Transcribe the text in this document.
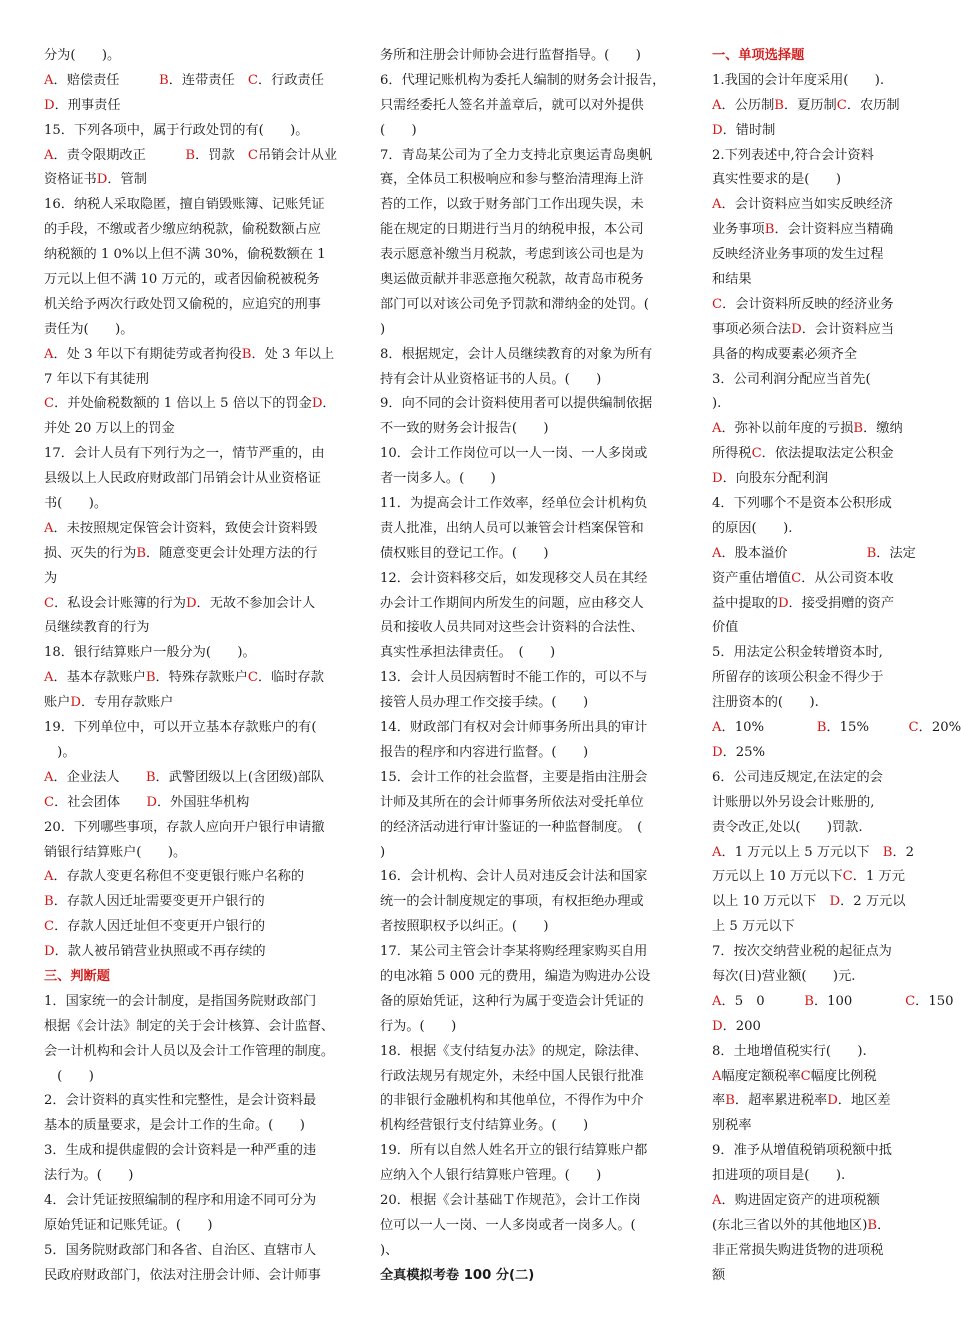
分为(　　)。
A．赔偿责任　　　B．连带责任　C．行政责任
D．刑事责任
15．下列各项中，属于行政处罚的有(　　)。
A．责令限期改正　　　B．罚款　C吊销会计从业
资格证书D．管制
16．纳税人采取隐匿，擅自销毁账簿、记账凭证
的手段，不缴或者少缴应纳税款，偷税数额占应
纳税额的 1 0%以上但不满 30%，偷税数额在 1
万元以上但不满 10 万元的，或者因偷税被税务
机关给予两次行政处罚又偷税的，应追究的刑事
责任为(　　)。
A．处 3 年以下有期徒劳或者拘役B．处 3 年以上
7 年以下有其徒刑
C．并处偷税数额的 1 倍以上 5 倍以下的罚金D．
并处 20 万以上的罚金
17．会计人员有下列行为之一，情节严重的，由
县级以上人民政府财政部门吊销会计从业资格证
书(　　)。
A．未按照规定保管会计资料，致使会计资料毁
损、灭失的行为B．随意变更会计处理方法的行
为
C．私设会计账簿的行为D．无故不参加会计人
员继续教育的行为
18．银行结算账户一般分为(　　)。
A．基本存款账户B．特殊存款账户C．临时存款
账户D．专用存款账户
19．下列单位中，可以开立基本存款账户的有(
　)。
A．企业法人　　B．武警团级以上(含团级)部队
C．社会团体　　D．外国驻华机构
20．下列哪些事项，存款人应向开户银行申请撤
销银行结算账户(　　)。
A．存款人变更名称但不变更银行账户名称的
B．存款人因迁址需要变更开户银行的
C．存款人因迁址但不变更开户银行的
D．款人被吊销营业执照或不再存续的
三、判断题
1．国家统一的会计制度，是指国务院财政部门
根据《会计法》制定的关于会计核算、会计监督、
会一计机构和会计人员以及会计工作管理的制度。
　(　　)
2．会计资料的真实性和完整性，是会计资料最
基本的质量要求，是会计工作的生命。(　　)
3．生成和提供虚假的会计资料是一种严重的违
法行为。(　　)
4．会计凭证按照编制的程序和用途不同可分为
原始凭证和记账凭证。(　　)
5．国务院财政部门和各省、自治区、直辖市人
民政府财政部门，依法对注册会计师、会计师事
务所和注册会计师协会进行监督指导。(　　)
6．代理记账机构为委托人编制的财务会计报告，
只需经委托人签名并盖章后，就可以对外提供
(　　)
7．青岛某公司为了全力支持北京奥运青岛奥帆
赛，全体员工积极响应和参与整治清理海上浒
苔的工作，以致于财务部门工作出现失误，未
能在规定的日期进行当月的纳税申报，本公司
表示愿意补缴当月税款，考虑到该公司也是为
奥运做贡献并非恶意拖欠税款，故青岛市税务
部门可以对该公司免予罚款和滞纳金的处罚。(
)
8．根据规定，会计人员继续教育的对象为所有
持有会计从业资格证书的人员。(　　)
9．向不同的会计资料使用者可以提供编制依据
不一致的财务会计报告(　　)
10．会计工作岗位可以一人一岗、一人多岗或
者一岗多人。(　　)
11．为提高会计工作效率，经单位会计机构负
责人批准，出纳人员可以兼管会计档案保管和
债权账目的登记工作。(　　)
12．会计资料移交后，如发现移交人员在其经
办会计工作期间内所发生的问题，应由移交人
员和接收人员共同对这些会计资料的合法性、
真实性承担法律责任。　(　　)
13．会计人员因病暂时不能工作的，可以不与
接管人员办理工作交接手续。(　　)
14．财政部门有权对会计师事务所出具的审计
报告的程序和内容进行监督。(　　)
15．会计工作的社会监督，主要是指由注册会
计师及其所在的会计师事务所依法对受托单位
的经济活动进行审计鉴证的一种监督制度。　(
)
16．会计机构、会计人员对违反会计法和国家
统一的会计制度规定的事项，有权拒绝办理或
者按照职权予以纠正。(　　)
17．某公司主管会计李某将购经理家购买自用
的电冰箱 5 000 元的费用，编造为购进办公设
备的原始凭证，这种行为属于变造会计凭证的
行为。(　　)
18．根据《支付结复办法》的规定，除法律、
行政法规另有规定外，未经中国人民银行批准
的非银行金融机构和其他单位，不得作为中介
机构经营银行支付结算业务。(　　)
19．所有以自然人姓名开立的银行结算账户都
应纳入个人银行结算账户管理。(　　)
20．根据《会计基础Ｔ作规范》，会计工作岗
位可以一人一岗、一人多岗或者一岗多人。(
)、
全真模拟考卷 100 分(二)
一、单项选择题
1.我国的会计年度采用(　　).
A．公历制B．夏历制C．农历制
D．错时制
2.下列表述中,符合会计资料
真实性要求的是(　　)
A．会计资料应当如实反映经济
业务事项B．会计资料应当精确
反映经济业务事项的发生过程
和结果
C．会计资料所反映的经济业务
事项必须合法D．会计资料应当
具备的构成要素必须齐全
3．公司利润分配应当首先(
).
A．弥补以前年度的亏损B．缴纳
所得税C．依法提取法定公积金
D．向股东分配利润
4．下列哪个不是资本公积形成
的原因(　　).
A．股本溢价　　　　　　B．法定
资产重估增值C．从公司资本收
益中提取的D．接受捐赠的资产
价值
5．用法定公积金转增资本时,
所留存的该项公积金不得少于
注册资本的(　　).
A．10%　　　　B．15%　　　C．20%
D．25%
6．公司违反规定,在法定的会
计账册以外另设会计账册的,
责令改正,处以(　　)罚款.
A．1 万元以上 5 万元以下　B．2
万元以上 10 万元以下C．1 万元
以上 10 万元以下　D．2 万元以
上 5 万元以下
7．按次交纳营业税的起征点为
每次(日)营业额(　　)元.
A．5　0　　　B．100　　　　C．150
D．200
8．土地增值税实行(　　).
A幅度定额税率C幅度比例税
率B．超率累进税率D．地区差
别税率
9．准予从增值税销项税额中抵
扣进项的项目是(　　).
A．购进固定资产的进项税额
(东北三省以外的其他地区)B．
非正常损失购进货物的进项税
额
